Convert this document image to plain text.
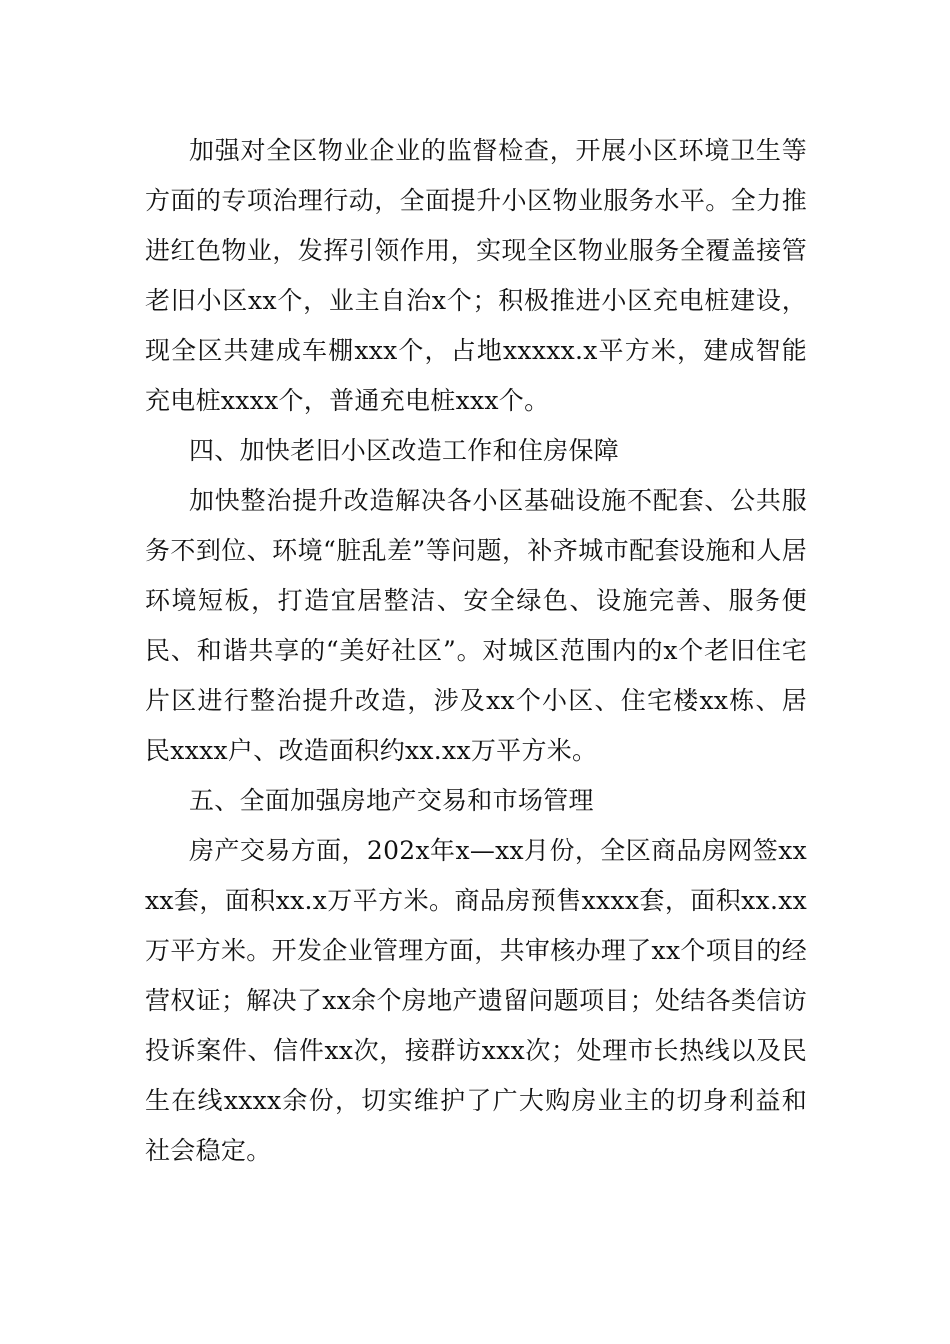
加强对全区物业企业的监督检查，开展小区环境卫生等方面的专项治理行动，全面提升小区物业服务水平。全力推进红色物业，发挥引领作用，实现全区物业服务全覆盖接管老旧小区xx个，业主自治x个；积极推进小区充电桩建设，现全区共建成车棚xxx个，占地xxxxx.x平方米，建成智能充电桩xxxx个，普通充电桩xxx个。

四、加快老旧小区改造工作和住房保障

加快整治提升改造解决各小区基础设施不配套、公共服务不到位、环境“脏乱差”等问题，补齐城市配套设施和人居环境短板，打造宜居整洁、安全绿色、设施完善、服务便民、和谐共享的“美好社区”。对城区范围内的x个老旧住宅片区进行整治提升改造，涉及xx个小区、住宅楼xx栋、居民xxxx户、改造面积约xx.xx万平方米。

五、全面加强房地产交易和市场管理

房产交易方面，202x年x—xx月份，全区商品房网签xxxx套，面积xx.x万平方米。商品房预售xxxx套，面积xx.xx万平方米。开发企业管理方面，共审核办理了xx个项目的经营权证；解决了xx余个房地产遗留问题项目；处结各类信访投诉案件、信件xx次，接群访xxx次；处理市长热线以及民生在线xxxx余份，切实维护了广大购房业主的切身利益和社会稳定。
